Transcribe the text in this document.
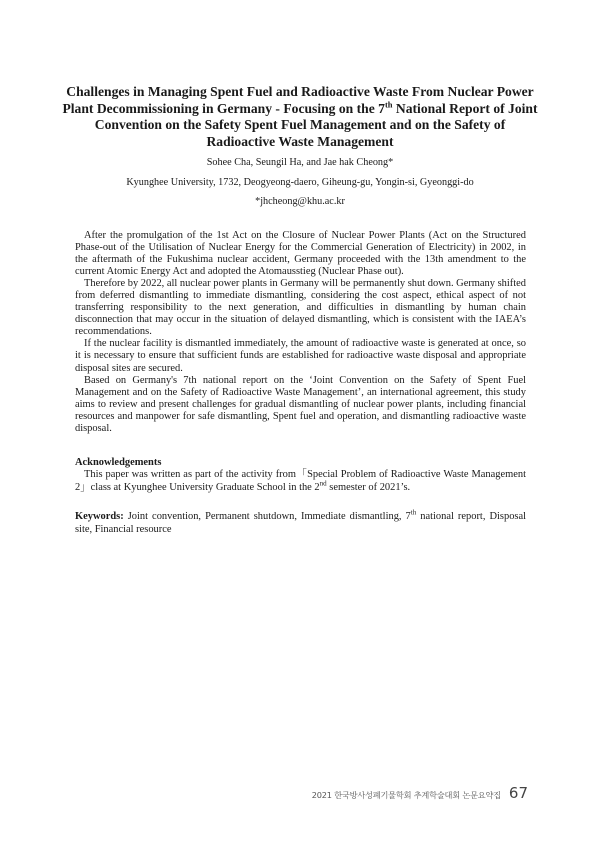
Challenges in Managing Spent Fuel and Radioactive Waste From Nuclear Power Plant Decommissioning in Germany - Focusing on the 7th National Report of Joint Convention on the Safety Spent Fuel Management and on the Safety of Radioactive Waste Management
Sohee Cha, Seungil Ha, and Jae hak Cheong*
Kyunghee University, 1732, Deogyeong-daero, Giheung-gu, Yongin-si, Gyeonggi-do
*jhcheong@khu.ac.kr

After the promulgation of the 1st Act on the Closure of Nuclear Power Plants (Act on the Structured Phase-out of the Utilisation of Nuclear Energy for the Commercial Generation of Electricity) in 2002, in the aftermath of the Fukushima nuclear accident, Germany proceeded with the 13th amendment to the current Atomic Energy Act and adopted the Atomausstieg (Nuclear Phase out).

Therefore by 2022, all nuclear power plants in Germany will be permanently shut down. Germany shifted from deferred dismantling to immediate dismantling, considering the cost aspect, ethical aspect of not transferring responsibility to the next generation, and difficulties in dismantling by human chain disconnection that may occur in the situation of delayed dismantling, which is consistent with the IAEA’s recommendations.

If the nuclear facility is dismantled immediately, the amount of radioactive waste is generated at once, so it is necessary to ensure that sufficient funds are established for radioactive waste disposal and appropriate disposal sites are secured.

Based on Germany's 7th national report on the ‘Joint Convention on the Safety of Spent Fuel Management and on the Safety of Radioactive Waste Management’, an international agreement, this study aims to review and present challenges for gradual dismantling of nuclear power plants, including financial resources and manpower for safe dismantling, Spent fuel and operation, and dismantling radioactive waste disposal.

Acknowledgements

This paper was written as part of the activity from「Special Problem of Radioactive Waste Management 2」class at Kyunghee University Graduate School in the 2nd semester of 2021’s.

Keywords: Joint convention, Permanent shutdown, Immediate dismantling, 7th national report, Disposal site, Financial resource

2021 한국방사성폐기물학회 추계학술대회 논문요약집 67
